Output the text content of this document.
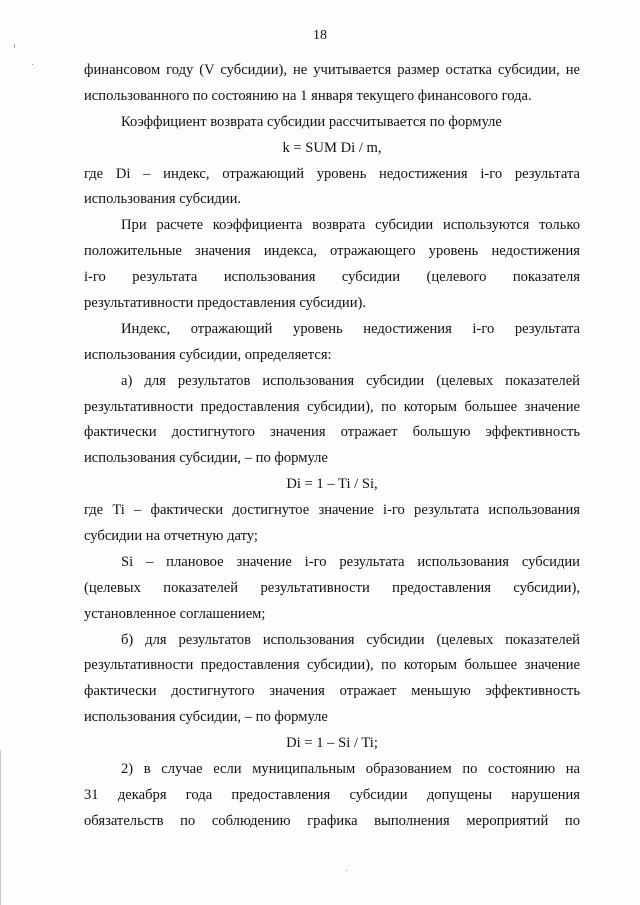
18
финансовом году (V субсидии), не учитывается размер остатка субсидии, не
использованного по состоянию на 1 января текущего финансового года.
Коэффициент возврата субсидии рассчитывается по формуле
k = SUM Di / m,
где Di – индекс, отражающий уровень недостижения i-го результата
использования субсидии.
При расчете коэффициента возврата субсидии используются только
положительные значения индекса, отражающего уровень недостижения
i-го результата использования субсидии (целевого показателя
результативности предоставления субсидии).
Индекс, отражающий уровень недостижения i-го результата
использования субсидии, определяется:
а) для результатов использования субсидии (целевых показателей
результативности предоставления субсидии), по которым большее значение
фактически достигнутого значения отражает большую эффективность
использования субсидии, – по формуле
Di = 1 – Ti / Si,
где Ti – фактически достигнутое значение i-го результата использования
субсидии на отчетную дату;
Si – плановое значение i-го результата использования субсидии
(целевых показателей результативности предоставления субсидии),
установленное соглашением;
б) для результатов использования субсидии (целевых показателей
результативности предоставления субсидии), по которым большее значение
фактически достигнутого значения отражает меньшую эффективность
использования субсидии, – по формуле
Di = 1 – Si / Ti;
2) в случае если муниципальным образованием по состоянию на
31 декабря года предоставления субсидии допущены нарушения
обязательств по соблюдению графика выполнения мероприятий по
